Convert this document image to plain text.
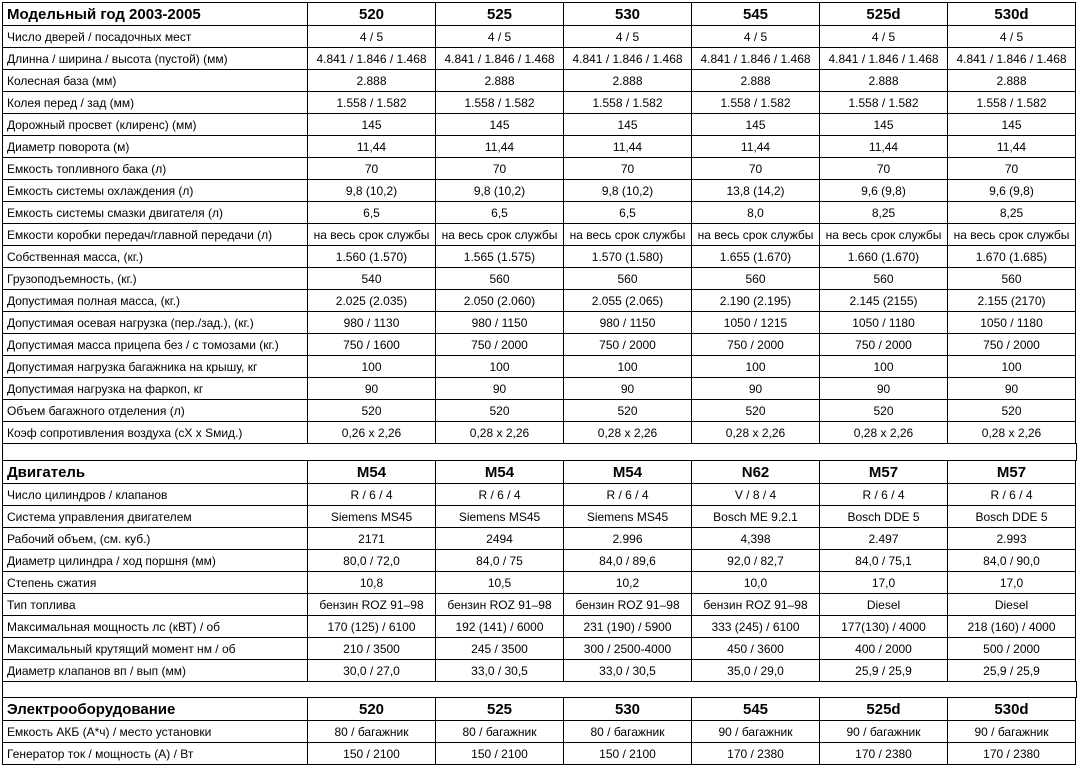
Модельный год 2003-2005	520	525	530	545	525d	530d
Число дверей / посадочных мест	4 / 5	4 / 5	4 / 5	4 / 5	4 / 5	4 / 5
Длинна / ширина / высота (пустой) (мм)	4.841 / 1.846 / 1.468	4.841 / 1.846 / 1.468	4.841 / 1.846 / 1.468	4.841 / 1.846 / 1.468	4.841 / 1.846 / 1.468	4.841 / 1.846 / 1.468
Колесная база (мм)	2.888	2.888	2.888	2.888	2.888	2.888
Колея перед / зад (мм)	1.558 / 1.582	1.558 / 1.582	1.558 / 1.582	1.558 / 1.582	1.558 / 1.582	1.558 / 1.582
Дорожный просвет (клиренс) (мм)	145	145	145	145	145	145
Диаметр поворота (м)	11,44	11,44	11,44	11,44	11,44	11,44
Емкость топливного бака (л)	70	70	70	70	70	70
Емкость системы охлаждения (л)	9,8 (10,2)	9,8 (10,2)	9,8 (10,2)	13,8 (14,2)	9,6 (9,8)	9,6 (9,8)
Емкость системы смазки двигателя (л)	6,5	6,5	6,5	8,0	8,25	8,25
Емкости коробки передач/главной передачи (л)	на весь срок службы	на весь срок службы	на весь срок службы	на весь срок службы	на весь срок службы	на весь срок службы
Собственная масса, (кг.)	1.560 (1.570)	1.565 (1.575)	1.570 (1.580)	1.655 (1.670)	1.660 (1.670)	1.670 (1.685)
Грузоподъемность, (кг.)	540	560	560	560	560	560
Допустимая полная масса, (кг.)	2.025 (2.035)	2.050 (2.060)	2.055 (2.065)	2.190 (2.195)	2.145 (2155)	2.155 (2170)
Допустимая осевая нагрузка (пер./зад.), (кг.)	980 / 1130	980 / 1150	980 / 1150	1050 / 1215	1050 / 1180	1050 / 1180
Допустимая масса прицепа без / с томозами (кг.)	750 / 1600	750 / 2000	750 / 2000	750 / 2000	750 / 2000	750 / 2000
Допустимая нагрузка багажника на крышу, кг	100	100	100	100	100	100
Допустимая нагрузка на фаркоп, кг	90	90	90	90	90	90
Объем багажного отделения (л)	520	520	520	520	520	520
Коэф сопротивления воздуха (cX x Sмид.)	0,26 x 2,26	0,28 x 2,26	0,28 x 2,26	0,28 x 2,26	0,28 x 2,26	0,28 x 2,26
Двигатель	M54	M54	M54	N62	M57	M57
Число цилиндров / клапанов	R / 6 / 4	R / 6 / 4	R / 6 / 4	V / 8 / 4	R / 6 / 4	R / 6 / 4
Система управления двигателем	Siemens MS45	Siemens MS45	Siemens MS45	Bosch ME 9.2.1	Bosch DDE 5	Bosch DDE 5
Рабочий объем, (см. куб.)	2171	2494	2.996	4,398	2.497	2.993
Диаметр цилиндра / ход поршня (мм)	80,0 / 72,0	84,0 / 75	84,0 / 89,6	92,0 / 82,7	84,0 / 75,1	84,0 / 90,0
Степень сжатия	10,8	10,5	10,2	10,0	17,0	17,0
Тип топлива	бензин ROZ 91–98	бензин ROZ 91–98	бензин ROZ 91–98	бензин ROZ 91–98	Diesel	Diesel
Максимальная мощность лс (кВТ) / об	170 (125) / 6100	192 (141) / 6000	231 (190) / 5900	333 (245) / 6100	177(130) / 4000	218 (160) / 4000
Максимальный крутящий момент нм / об	210 / 3500	245 / 3500	300 / 2500-4000	450 / 3600	400 / 2000	500 / 2000
Диаметр клапанов вп / вып (мм)	30,0 / 27,0	33,0 / 30,5	33,0 / 30,5	35,0 / 29,0	25,9 / 25,9	25,9 / 25,9
Электрооборудование	520	525	530	545	525d	530d
Емкость АКБ (А*ч) / место установки	80 / багажник	80 / багажник	80 / багажник	90 / багажник	90 / багажник	90 / багажник
Генератор ток / мощность (А) / Вт	150 / 2100	150 / 2100	150 / 2100	170 / 2380	170 / 2380	170 / 2380
